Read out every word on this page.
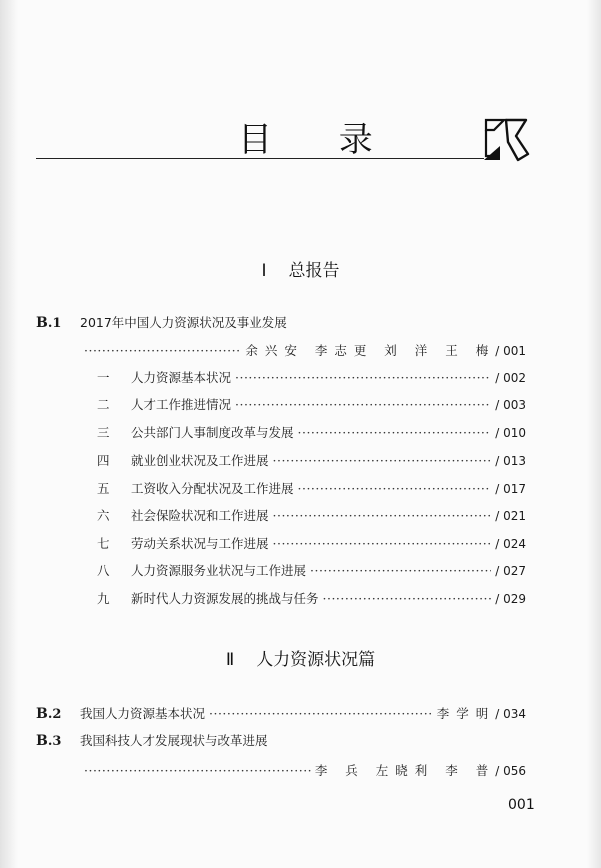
目 录
Ⅰ 总报告
B.1	2017年中国人力资源状况及事业发展
·····
余兴安 李志更 刘 洋 王 梅 / 001
一	人力资源基本状况 ·····	/ 002
二	人才工作推进情况 ·····	/ 003
三	公共部门人事制度改革与发展 ·····	/ 010
四	就业创业状况及工作进展 ·····	/ 013
五	工资收入分配状况及工作进展 ·····	/ 017
六	社会保险状况和工作进展 ·····	/ 021
七	劳动关系状况与工作进展 ·····	/ 024
八	人力资源服务业状况与工作进展 ·····	/ 027
九	新时代人力资源发展的挑战与任务 ·····	/ 029
Ⅱ 人力资源状况篇
B.2	我国人力资源基本状况 ·····	李学明 / 034
B.3	我国科技人才发展现状与改革进展
·····
李 兵 左晓利 李 普 / 056
001
